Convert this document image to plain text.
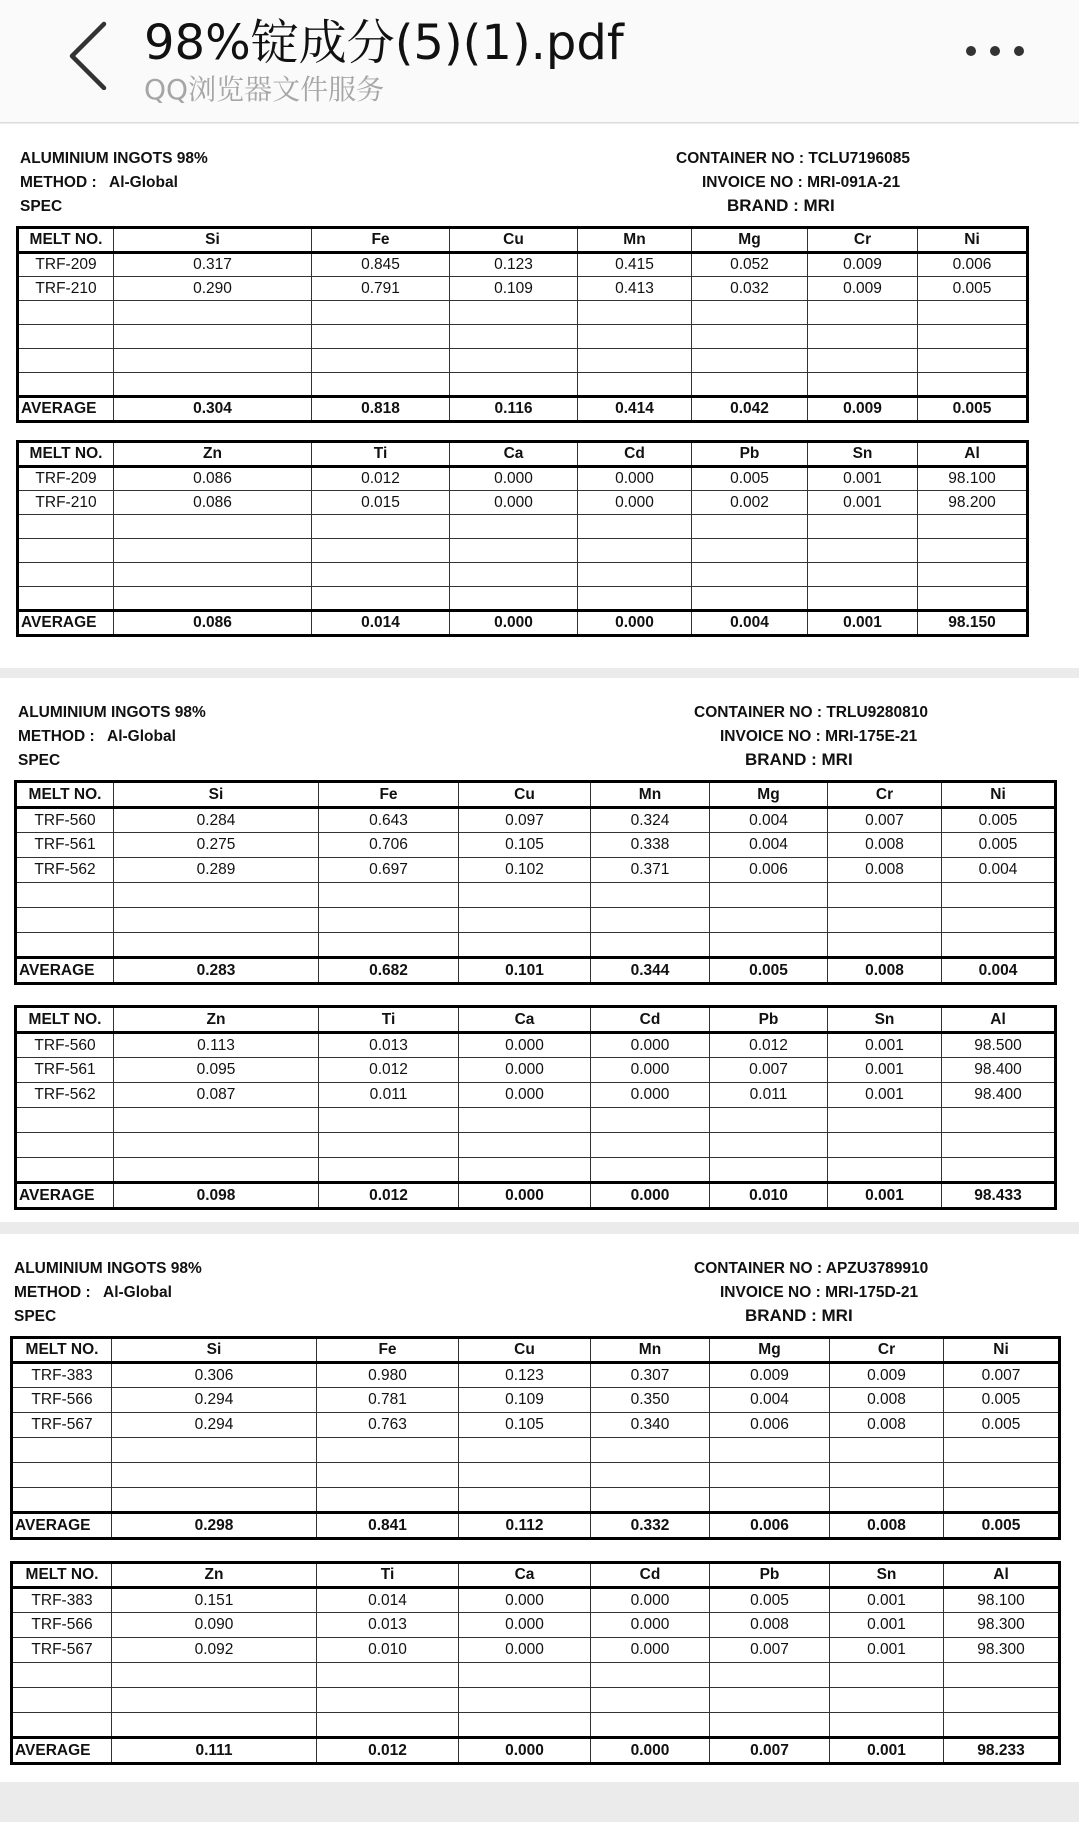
98%锭成分(5)(1).pdf
QQ浏览器文件服务
ALUMINIUM INGOTS 98%
METHOD : Al-Global
SPEC
CONTAINER NO : TCLU7196085
INVOICE NO : MRI-091A-21
BRAND : MRI
MELT NO.	Si	Fe	Cu	Mn	Mg	Cr	Ni
TRF-209	0.317	0.845	0.123	0.415	0.052	0.009	0.006
TRF-210	0.290	0.791	0.109	0.413	0.032	0.009	0.005

AVERAGE	0.304	0.818	0.116	0.414	0.042	0.009	0.005
MELT NO.	Zn	Ti	Ca	Cd	Pb	Sn	Al
TRF-209	0.086	0.012	0.000	0.000	0.005	0.001	98.100
TRF-210	0.086	0.015	0.000	0.000	0.002	0.001	98.200

AVERAGE	0.086	0.014	0.000	0.000	0.004	0.001	98.150
ALUMINIUM INGOTS 98%
METHOD : Al-Global
SPEC
CONTAINER NO : TRLU9280810
INVOICE NO : MRI-175E-21
BRAND : MRI
MELT NO.	Si	Fe	Cu	Mn	Mg	Cr	Ni
TRF-560	0.284	0.643	0.097	0.324	0.004	0.007	0.005
TRF-561	0.275	0.706	0.105	0.338	0.004	0.008	0.005
TRF-562	0.289	0.697	0.102	0.371	0.006	0.008	0.004

AVERAGE	0.283	0.682	0.101	0.344	0.005	0.008	0.004
MELT NO.	Zn	Ti	Ca	Cd	Pb	Sn	Al
TRF-560	0.113	0.013	0.000	0.000	0.012	0.001	98.500
TRF-561	0.095	0.012	0.000	0.000	0.007	0.001	98.400
TRF-562	0.087	0.011	0.000	0.000	0.011	0.001	98.400

AVERAGE	0.098	0.012	0.000	0.000	0.010	0.001	98.433
ALUMINIUM INGOTS 98%
METHOD : Al-Global
SPEC
CONTAINER NO : APZU3789910
INVOICE NO : MRI-175D-21
BRAND : MRI
MELT NO.	Si	Fe	Cu	Mn	Mg	Cr	Ni
TRF-383	0.306	0.980	0.123	0.307	0.009	0.009	0.007
TRF-566	0.294	0.781	0.109	0.350	0.004	0.008	0.005
TRF-567	0.294	0.763	0.105	0.340	0.006	0.008	0.005

AVERAGE	0.298	0.841	0.112	0.332	0.006	0.008	0.005
MELT NO.	Zn	Ti	Ca	Cd	Pb	Sn	Al
TRF-383	0.151	0.014	0.000	0.000	0.005	0.001	98.100
TRF-566	0.090	0.013	0.000	0.000	0.008	0.001	98.300
TRF-567	0.092	0.010	0.000	0.000	0.007	0.001	98.300

AVERAGE	0.111	0.012	0.000	0.000	0.007	0.001	98.233
